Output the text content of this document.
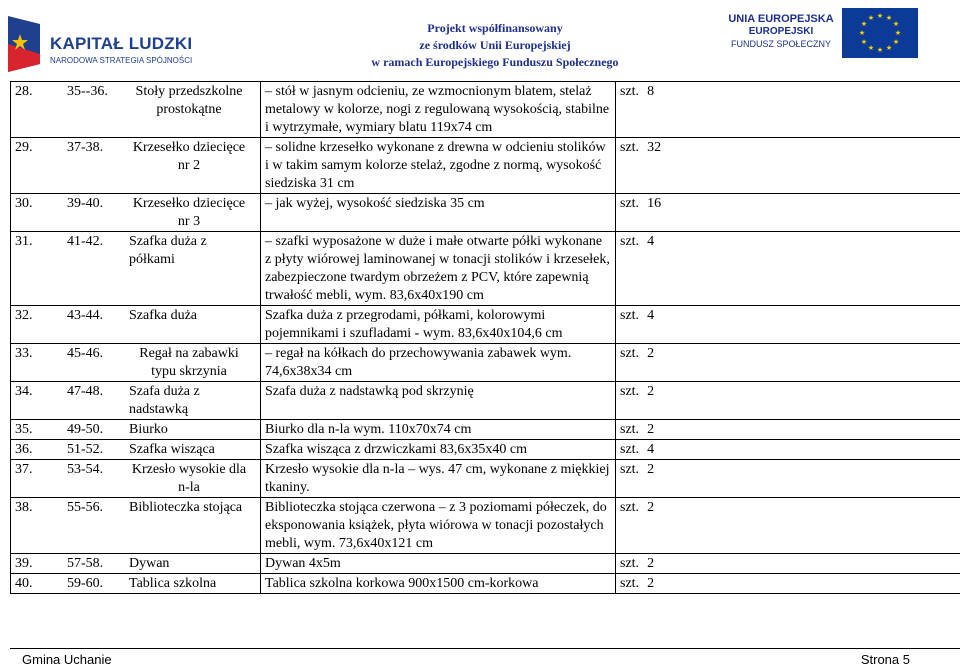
KAPITAŁ LUDZKI
NARODOWA STRATEGIA SPÓJNOŚCI
Projekt współfinansowany
ze środków Unii Europejskiej
w ramach Europejskiego Funduszu Społecznego
UNIA EUROPEJSKA
EUROPEJSKI
FUNDUSZ SPOŁECZNY
★ ★
★
★
★
★
★
★
★
★
★
★
28. 35--36. Stoły przedszkolne prostokątne	– stół w jasnym odcieniu, ze wzmocnionym blatem, stelaż metalowy w kolorze, nogi z regulowaną wysokością, stabilne i wytrzymałe, wymiary blatu 119x74 cm	szt. 8
29. 37-38. Krzesełko dziecięce nr 2	– solidne krzesełko wykonane z drewna w odcieniu stolików i w takim samym kolorze stelaż, zgodne z normą, wysokość siedziska 31 cm	szt. 32
30. 39-40. Krzesełko dziecięce nr 3	– jak wyżej, wysokość siedziska 35 cm	szt. 16
31. 41-42. Szafka duża z półkami	– szafki wyposażone w duże i małe otwarte półki wykonane z płyty wiórowej laminowanej w tonacji stolików i krzesełek, zabezpieczone twardym obrzeżem z PCV, które zapewnią trwałość mebli, wym. 83,6x40x190 cm	szt. 4
32. 43-44. Szafka duża	Szafka duża z przegrodami, półkami, kolorowymi pojemnikami i szufladami - wym. 83,6x40x104,6 cm	szt. 4
33. 45-46. Regał na zabawki typu skrzynia	– regał na kółkach do przechowywania zabawek wym. 74,6x38x34 cm	szt. 2
34. 47-48. Szafa duża z nadstawką	Szafa duża z nadstawką pod skrzynię	szt. 2
35. 49-50. Biurko	Biurko dla n-la wym. 110x70x74 cm	szt. 2
36. 51-52. Szafka wisząca	Szafka wisząca z drzwiczkami 83,6x35x40 cm	szt. 4
37. 53-54. Krzesło wysokie dla n-la	Krzesło wysokie dla n-la – wys. 47 cm, wykonane z miękkiej tkaniny.	szt. 2
38. 55-56. Biblioteczka stojąca	Biblioteczka stojąca czerwona – z 3 poziomami półeczek, do eksponowania książek, płyta wiórowa w tonacji pozostałych mebli, wym. 73,6x40x121 cm	szt. 2
39. 57-58. Dywan	Dywan 4x5m	szt. 2
40. 59-60. Tablica szkolna	Tablica szkolna korkowa 900x1500 cm-korkowa	szt. 2
Gmina Uchanie	Strona 5
